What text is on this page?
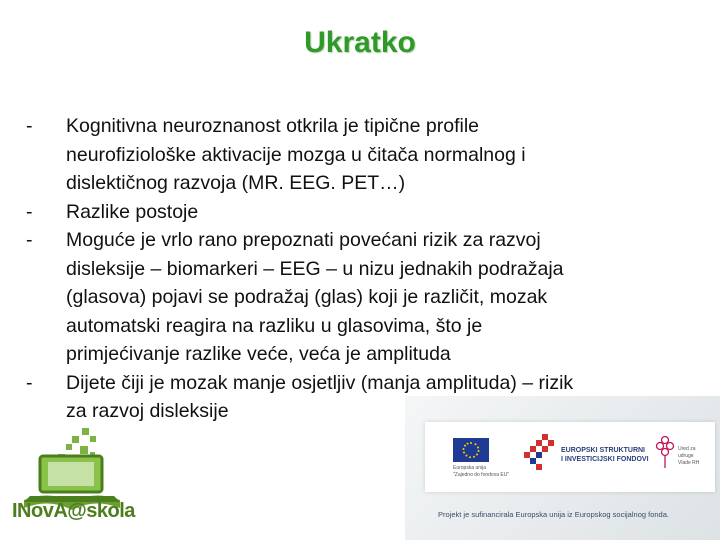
Ukratko
- Kognitivna neuroznanost otkrila je tipične profile
neurofiziološke aktivacije mozga u čitača normalnog i
dislektičnog razvoja (MR. EEG. PET…)
- Razlike postoje
- Moguće je vrlo rano prepoznati povećani rizik za razvoj
disleksije – biomarkeri – EEG – u nizu jednakih podražaja
(glasova) pojavi se podražaj (glas) koji je različit, mozak
automatski reagira na razliku u glasovima, što je
primjećivanje razlike veće, veća je amplituda
- Dijete čiji je mozak manje osjetljiv (manja amplituda) – rizik
za razvoj disleksije
INovA@skola
Europska unija
"Zajedno do fondova EU"
EUROPSKI STRUKTURNI
I INVESTICIJSKI FONDOVI
Ured za
udruge
Vlade RH
Projekt je sufinancirala Europska unija iz Europskog socijalnog fonda.
